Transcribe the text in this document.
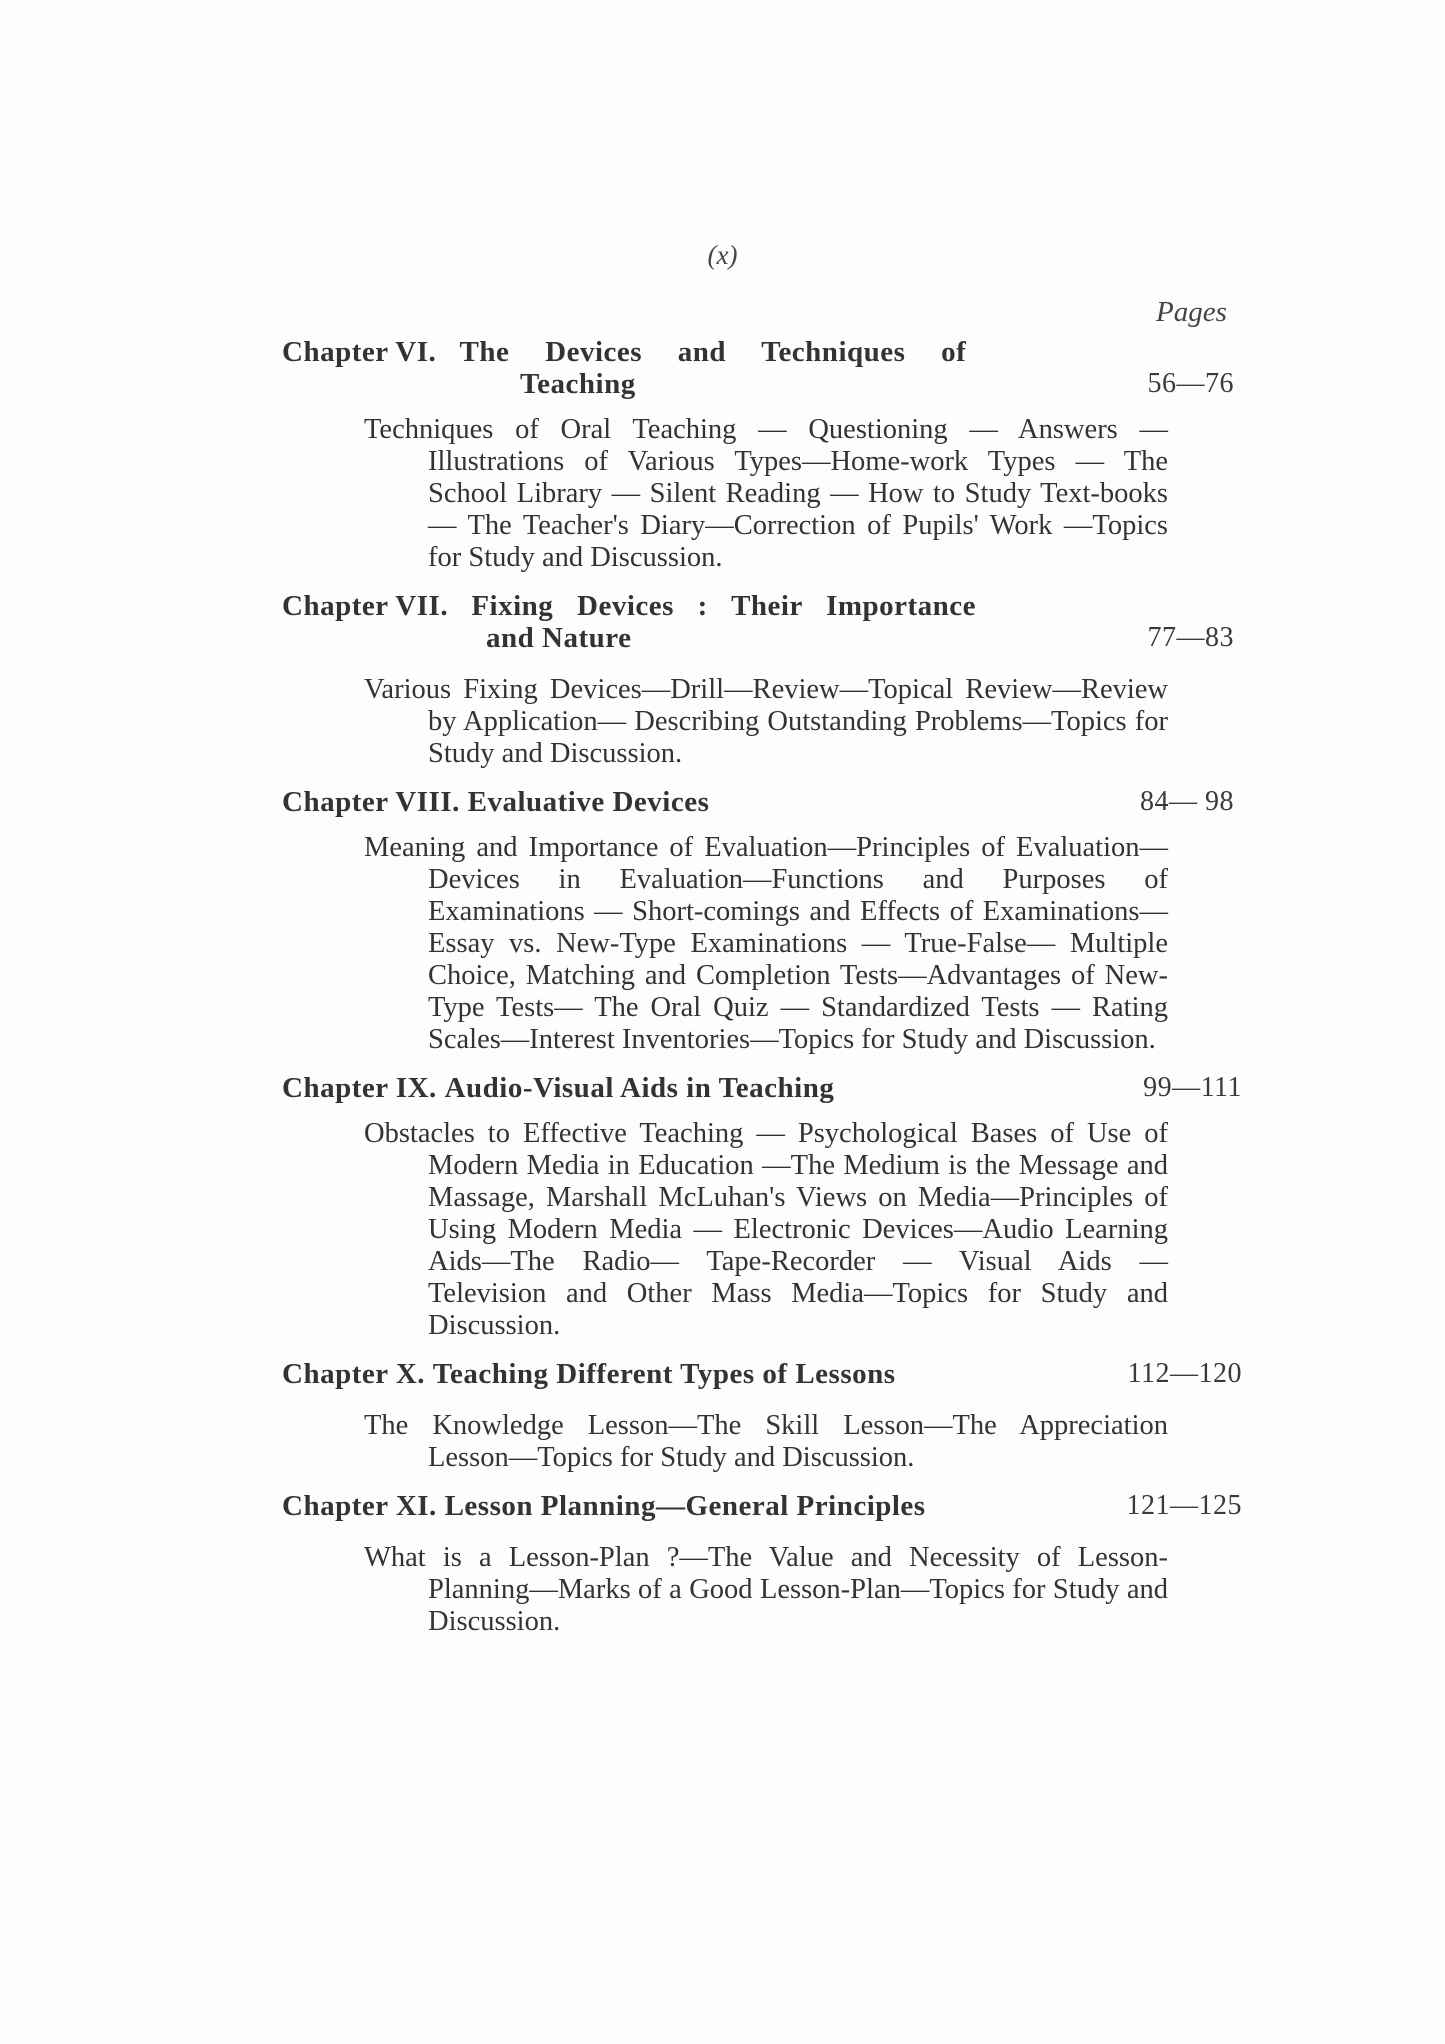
(x)
Pages
Chapter VI. The Devices and Techniques of
Teaching	56—76
Techniques of Oral Teaching — Questioning — Answers — Illustrations of Various Types—Home-work Types — The School Library — Silent Reading — How to Study Text-books — The Teacher's Diary—Correction of Pupils' Work —Topics for Study and Discussion.
Chapter VII. Fixing Devices : Their Importance
and Nature	77—83
Various Fixing Devices—Drill—Review—Topical Review—Review by Application— Describing Outstanding Problems—Topics for Study and Discussion.
Chapter VIII. Evaluative Devices	84— 98
Meaning and Importance of Evaluation—Principles of Evaluation—Devices in Evaluation—Functions and Purposes of Examinations — Short-comings and Effects of Examinations—Essay vs. New-Type Examinations — True-False— Multiple Choice, Matching and Completion Tests—Advantages of New-Type Tests— The Oral Quiz — Standardized Tests — Rating Scales—Interest Inventories—Topics for Study and Discussion.
Chapter IX. Audio-Visual Aids in Teaching	99—111
Obstacles to Effective Teaching — Psychological Bases of Use of Modern Media in Education —The Medium is the Message and Massage, Marshall McLuhan's Views on Media—Principles of Using Modern Media — Electronic Devices—Audio Learning Aids—The Radio— Tape-Recorder — Visual Aids — Television and Other Mass Media—Topics for Study and Discussion.
Chapter X. Teaching Different Types of Lessons	112—120
The Knowledge Lesson—The Skill Lesson—The Appreciation Lesson—Topics for Study and Discussion.
Chapter XI. Lesson Planning—General Principles	121—125
What is a Lesson-Plan ?—The Value and Necessity of Lesson-Planning—Marks of a Good Lesson-Plan—Topics for Study and Discussion.
